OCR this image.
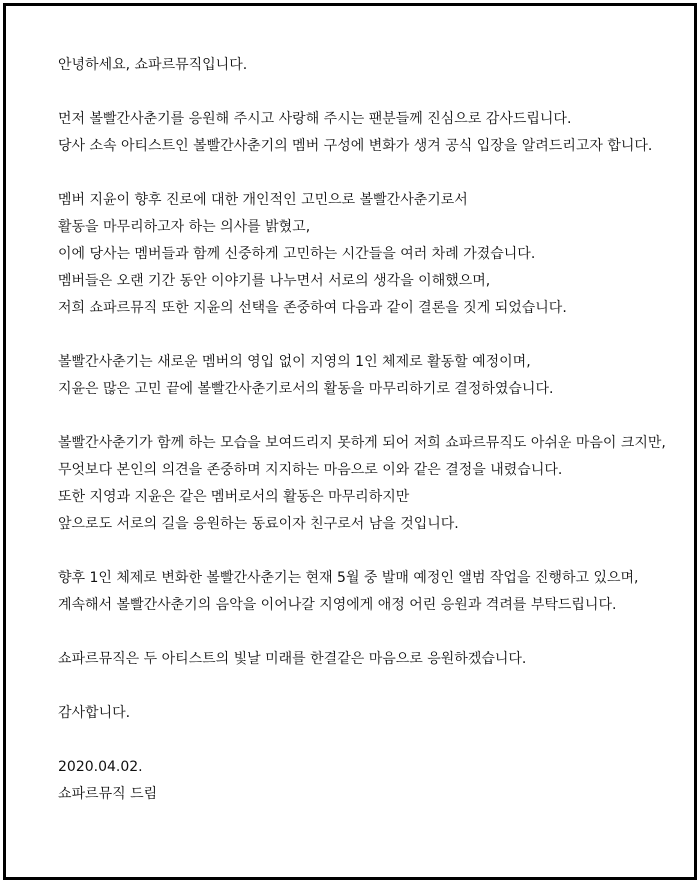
안녕하세요, 쇼파르뮤직입니다.
먼저 볼빨간사춘기를 응원해 주시고 사랑해 주시는 팬분들께 진심으로 감사드립니다.
당사 소속 아티스트인 볼빨간사춘기의 멤버 구성에 변화가 생겨 공식 입장을 알려드리고자 합니다.
멤버 지윤이 향후 진로에 대한 개인적인 고민으로 볼빨간사춘기로서
활동을 마무리하고자 하는 의사를 밝혔고,
이에 당사는 멤버들과 함께 신중하게 고민하는 시간들을 여러 차례 가졌습니다.
멤버들은 오랜 기간 동안 이야기를 나누면서 서로의 생각을 이해했으며,
저희 쇼파르뮤직 또한 지윤의 선택을 존중하여 다음과 같이 결론을 짓게 되었습니다.
볼빨간사춘기는 새로운 멤버의 영입 없이 지영의 1인 체제로 활동할 예정이며,
지윤은 많은 고민 끝에 볼빨간사춘기로서의 활동을 마무리하기로 결정하였습니다.
볼빨간사춘기가 함께 하는 모습을 보여드리지 못하게 되어 저희 쇼파르뮤직도 아쉬운 마음이 크지만,
무엇보다 본인의 의견을 존중하며 지지하는 마음으로 이와 같은 결정을 내렸습니다.
또한 지영과 지윤은 같은 멤버로서의 활동은 마무리하지만
앞으로도 서로의 길을 응원하는 동료이자 친구로서 남을 것입니다.
향후 1인 체제로 변화한 볼빨간사춘기는 현재 5월 중 발매 예정인 앨범 작업을 진행하고 있으며,
계속해서 볼빨간사춘기의 음악을 이어나갈 지영에게 애정 어린 응원과 격려를 부탁드립니다.
쇼파르뮤직은 두 아티스트의 빛날 미래를 한결같은 마음으로 응원하겠습니다.
감사합니다.
2020.04.02.
쇼파르뮤직 드림
